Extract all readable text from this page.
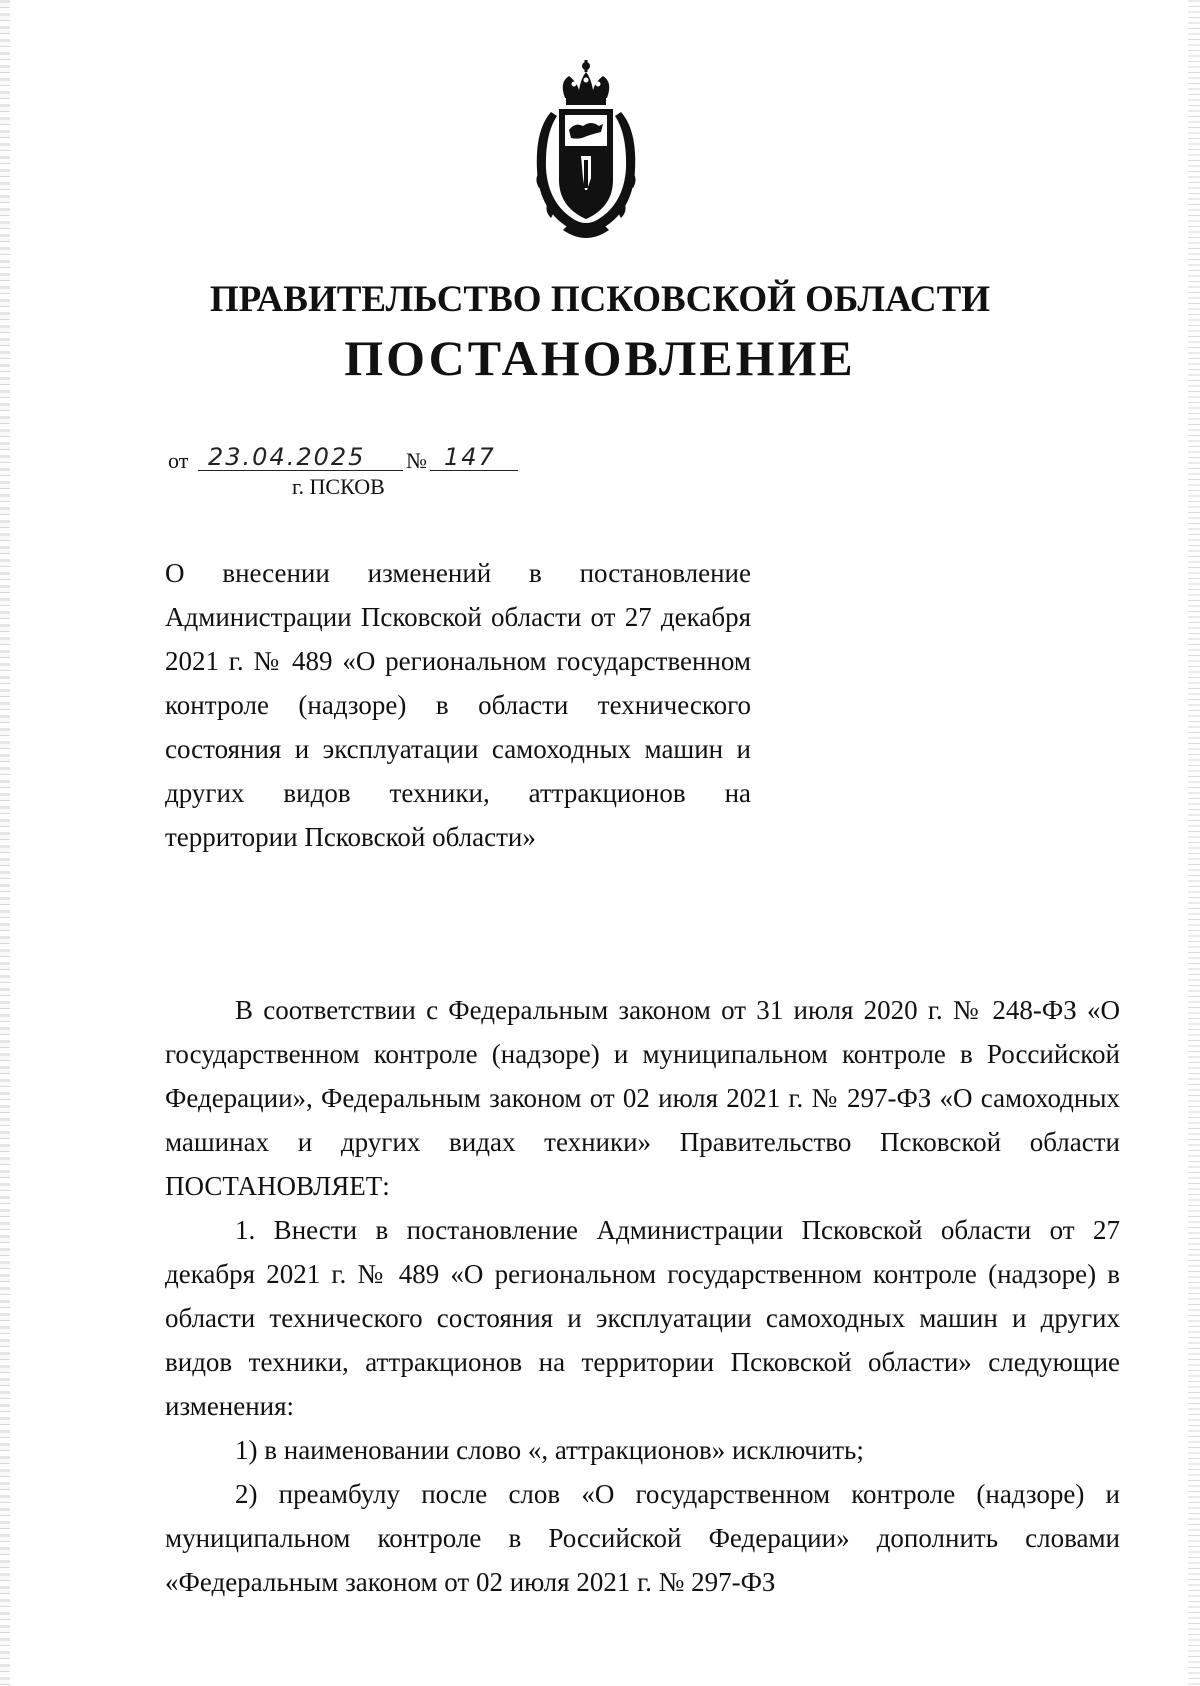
ПРАВИТЕЛЬСТВО ПСКОВСКОЙ ОБЛАСТИ
ПОСТАНОВЛЕНИЕ
от 23.04.2025	№ 147
г. ПСКОВ

О внесении изменений в постановление Администрации Псковской области от 27 декабря 2021 г. № 489 «О региональном государственном контроле (надзоре) в области технического состояния и эксплуатации самоходных машин и других видов техники, аттракционов на территории Псковской области»

В соответствии с Федеральным законом от 31 июля 2020 г. № 248-ФЗ «О государственном контроле (надзоре) и муниципальном контроле в Российской Федерации», Федеральным законом от 02 июля 2021 г. № 297-ФЗ «О самоходных машинах и других видах техники» Правительство Псковской области ПОСТАНОВЛЯЕТ:

1. Внести в постановление Администрации Псковской области от 27 декабря 2021 г. № 489 «О региональном государственном контроле (надзоре) в области технического состояния и эксплуатации самоходных машин и других видов техники, аттракционов на территории Псковской области» следующие изменения:

1) в наименовании слово «, аттракционов» исключить;

2) преамбулу после слов «О государственном контроле (надзоре) и муниципальном контроле в Российской Федерации» дополнить словами «Федеральным законом от 02 июля 2021 г. № 297-ФЗ
